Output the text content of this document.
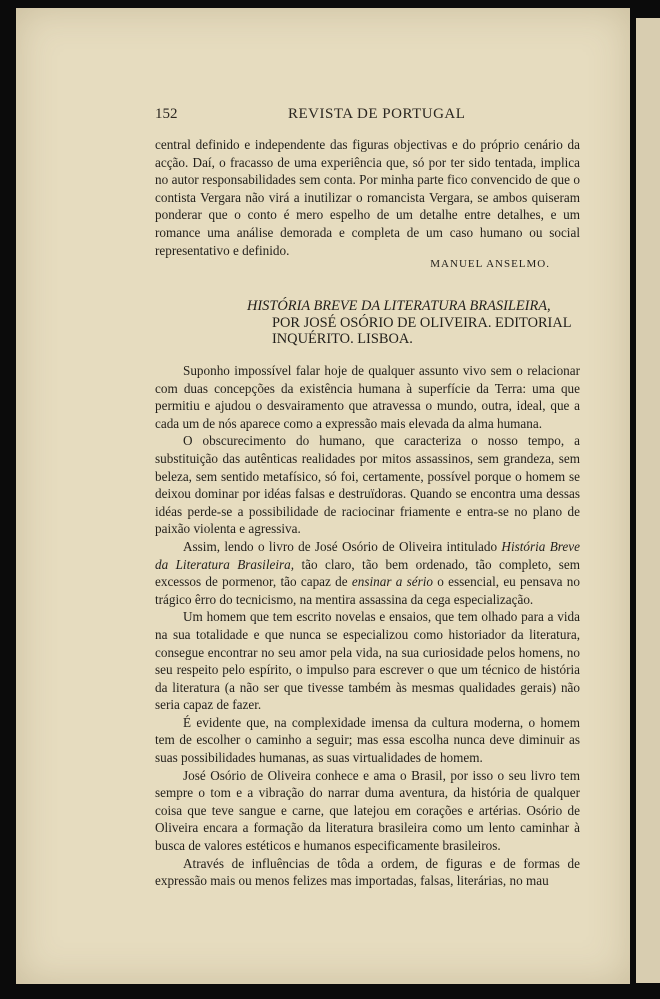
152	REVISTA DE PORTUGAL

central definido e independente das figuras objectivas e do próprio cenário da acção. Daí, o fracasso de uma experiência que, só por ter sido tentada, implica no autor responsabilidades sem conta. Por minha parte fico convencido de que o contista Vergara não virá a inutilizar o romancista Vergara, se ambos quiseram ponderar que o conto é mero espelho de um detalhe entre detalhes, e um romance uma análise demorada e completa de um caso humano ou social representativo e definido.

MANUEL ANSELMO.
HISTÓRIA BREVE DA LITERATURA BRASILEIRA,
POR JOSÉ OSÓRIO DE OLIVEIRA. EDITORIAL INQUÉRITO. LISBOA.

Suponho impossível falar hoje de qualquer assunto vivo sem o relacionar com duas concepções da existência humana à superfície da Terra: uma que permitiu e ajudou o desvairamento que atravessa o mundo, outra, ideal, que a cada um de nós aparece como a expressão mais elevada da alma humana.

O obscurecimento do humano, que caracteriza o nosso tempo, a substituição das autênticas realidades por mitos assassinos, sem grandeza, sem beleza, sem sentido metafísico, só foi, certamente, possível porque o homem se deixou dominar por idéas falsas e destruïdoras. Quando se encontra uma dessas idéas perde-se a possibilidade de raciocinar friamente e entra-se no plano de paixão violenta e agressiva.

Assim, lendo o livro de José Osório de Oliveira intitulado História Breve da Literatura Brasileira, tão claro, tão bem ordenado, tão completo, sem excessos de pormenor, tão capaz de ensinar a sério o essencial, eu pensava no trágico êrro do tecnicismo, na mentira assassina da cega especialização.

Um homem que tem escrito novelas e ensaios, que tem olhado para a vida na sua totalidade e que nunca se especializou como historiador da literatura, consegue encontrar no seu amor pela vida, na sua curiosidade pelos homens, no seu respeito pelo espírito, o impulso para escrever o que um técnico de história da literatura (a não ser que tivesse também às mesmas qualidades gerais) não seria capaz de fazer.

É evidente que, na complexidade imensa da cultura moderna, o homem tem de escolher o caminho a seguir; mas essa escolha nunca deve diminuir as suas possibilidades humanas, as suas virtualidades de homem.

José Osório de Oliveira conhece e ama o Brasil, por isso o seu livro tem sempre o tom e a vibração do narrar duma aventura, da história de qualquer coisa que teve sangue e carne, que latejou em corações e artérias. Osório de Oliveira encara a formação da literatura brasileira como um lento caminhar à busca de valores estéticos e humanos especificamente brasileiros.

Através de influências de tôda a ordem, de figuras e de formas de expressão mais ou menos felizes mas importadas, falsas, literárias, no mau
